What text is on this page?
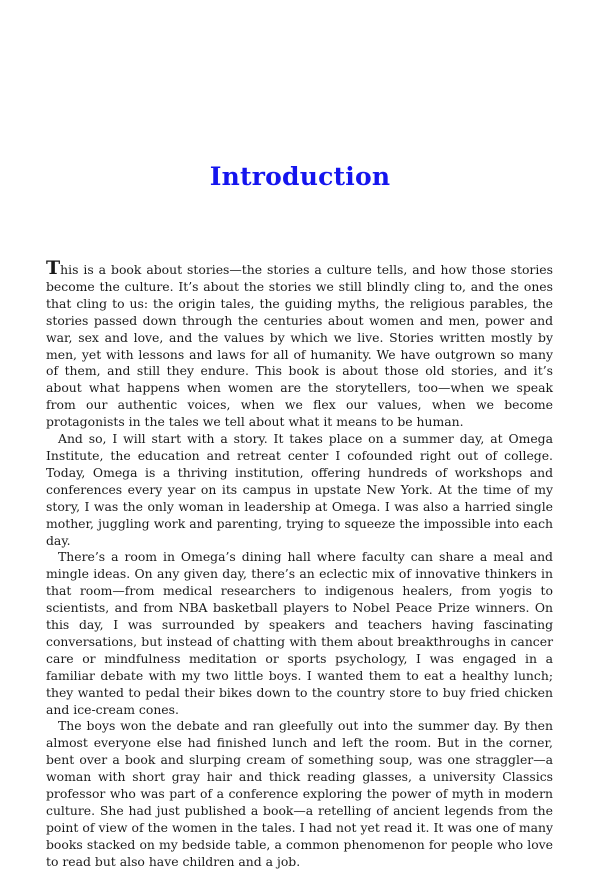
Introduction

This is a book about stories—the stories a culture tells, and how those stories become the culture. It’s about the stories we still blindly cling to, and the ones that cling to us: the origin tales, the guiding myths, the religious parables, the stories passed down through the centuries about women and men, power and war, sex and love, and the values by which we live. Stories written mostly by men, yet with lessons and laws for all of humanity. We have outgrown so many of them, and still they endure. This book is about those old stories, and it’s about what happens when women are the storytellers, too—when we speak from our authentic voices, when we flex our values, when we become protagonists in the tales we tell about what it means to be human.

And so, I will start with a story. It takes place on a summer day, at Omega Institute, the education and retreat center I cofounded right out of college. Today, Omega is a thriving institution, offering hundreds of workshops and conferences every year on its campus in upstate New York. At the time of my story, I was the only woman in leadership at Omega. I was also a harried single mother, juggling work and parenting, trying to squeeze the impossible into each day.

There’s a room in Omega’s dining hall where faculty can share a meal and mingle ideas. On any given day, there’s an eclectic mix of innovative thinkers in that room—from medical researchers to indigenous healers, from yogis to scientists, and from NBA basketball players to Nobel Peace Prize winners. On this day, I was surrounded by speakers and teachers having fascinating conversations, but instead of chatting with them about breakthroughs in cancer care or mindfulness meditation or sports psychology, I was engaged in a familiar debate with my two little boys. I wanted them to eat a healthy lunch; they wanted to pedal their bikes down to the country store to buy fried chicken and ice-cream cones.

The boys won the debate and ran gleefully out into the summer day. By then almost everyone else had finished lunch and left the room. But in the corner, bent over a book and slurping cream of something soup, was one straggler—a woman with short gray hair and thick reading glasses, a university Classics professor who was part of a conference exploring the power of myth in modern culture. She had just published a book—a retelling of ancient legends from the point of view of the women in the tales. I had not yet read it. It was one of many books stacked on my bedside table, a common phenomenon for people who love to read but also have children and a job.
